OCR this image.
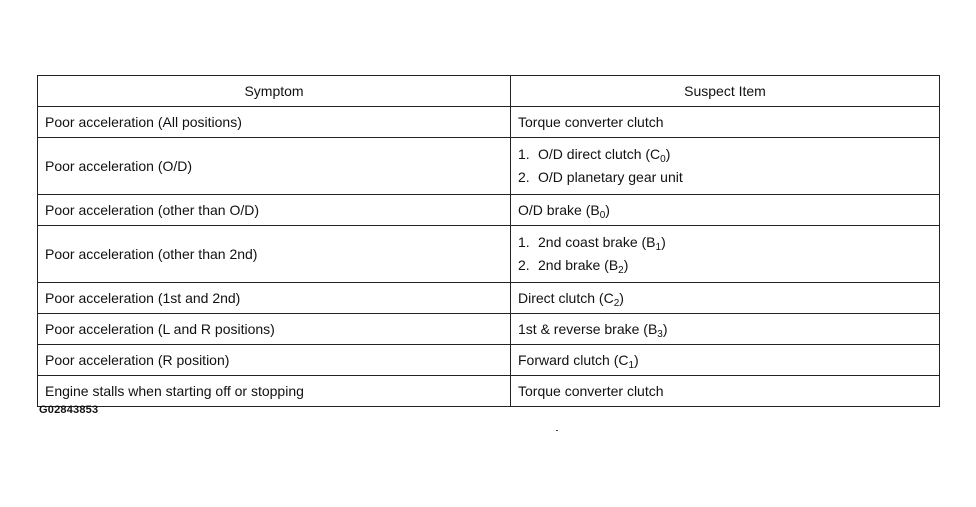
Symptom	Suspect Item
Poor acceleration (All positions)	Torque converter clutch

Poor acceleration (O/D)	1. O/D direct clutch $(C_0)$
2. O/D planetary gear unit

Poor acceleration (other than O/D)	O/D brake $(B_0)$

Poor acceleration (other than 2nd)	1. 2nd coast brake $(B_1)$
2. 2nd brake $(B_2)$

Poor acceleration (1st and 2nd)	Direct clutch $(C_2)$

Poor acceleration (L and R positions)	1st & reverse brake $(B_3)$

Poor acceleration (R position)	Forward clutch $(C_1)$

Engine stalls when starting off or stopping	Torque converter clutch
G02843853
